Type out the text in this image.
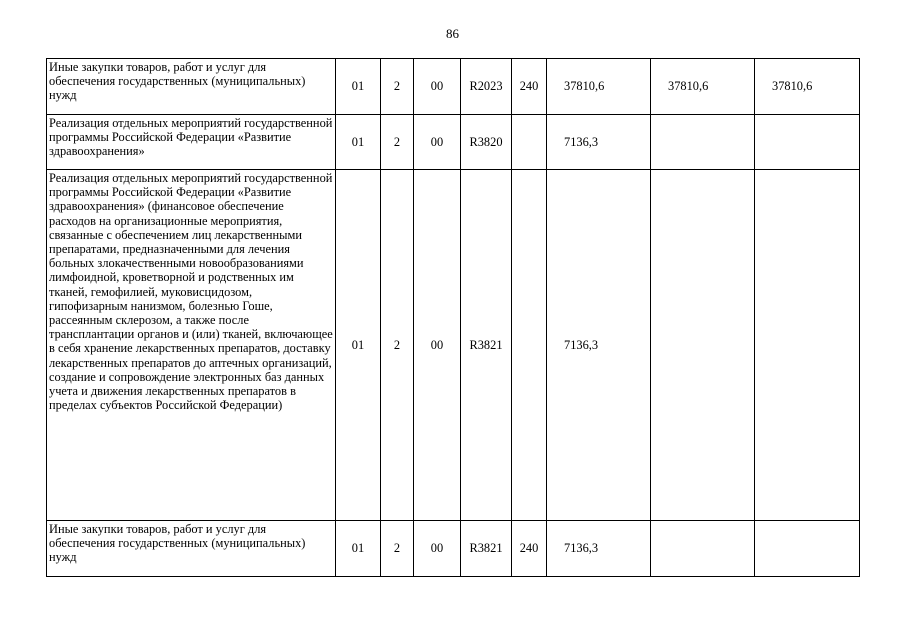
86
Иные закупки товаров, работ и услуг для обеспечения государственных (муниципальных) нужд	01	2	00	R2023	240	37810,6	37810,6	37810,6
Реализация отдельных мероприятий государственной программы Российской Федерации «Развитие здравоохранения»	01	2	00	R3820		7136,3		
Реализация отдельных мероприятий государственной программы Российской Федерации «Развитие здравоохранения» (финансовое обеспечение расходов на организационные мероприятия, связанные с обеспечением лиц лекарственными препаратами, предназначенными для лечения больных злокачественными новообразованиями лимфоидной, кроветворной и родственных им тканей, гемофилией, муковисцидозом, гипофизарным нанизмом, болезнью Гоше, рассеянным склерозом, а также после трансплантации органов и (или) тканей, включающее в себя хранение лекарственных препаратов, доставку лекарственных препаратов до аптечных организаций, создание и сопровождение электронных баз данных учета и движения лекарственных препаратов в пределах субъектов Российской Федерации)	01	2	00	R3821		7136,3		
Иные закупки товаров, работ и услуг для обеспечения государственных (муниципальных) нужд	01	2	00	R3821	240	7136,3		
